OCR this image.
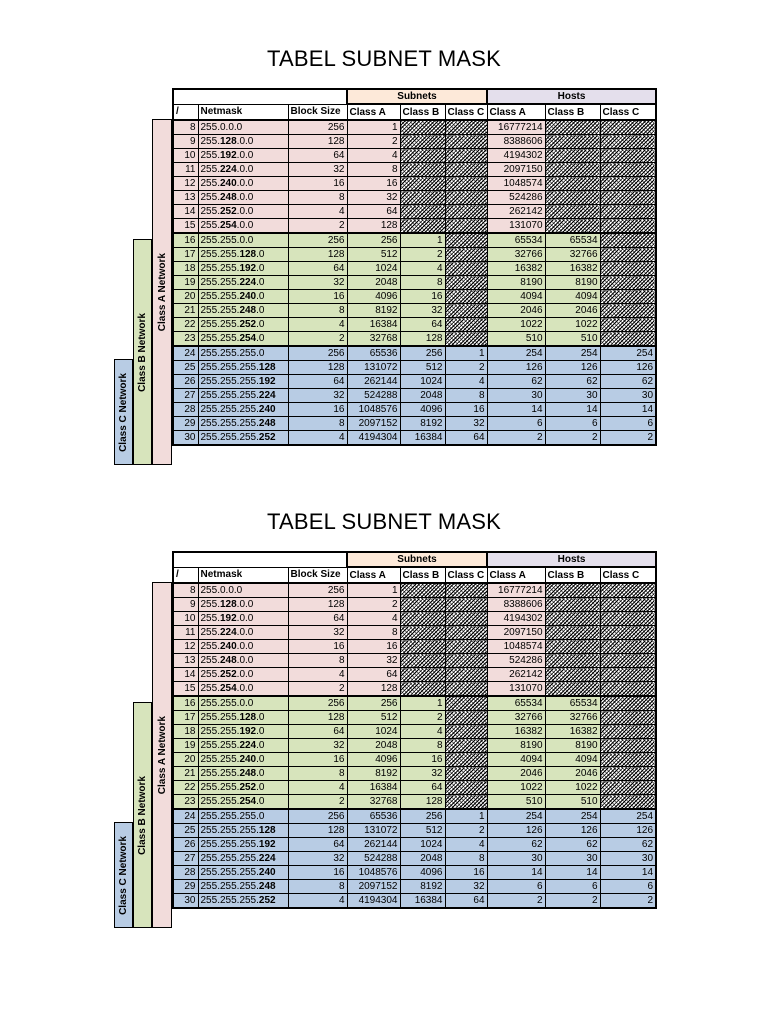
TABEL SUBNET MASK
			Subnets			Hosts		
/	Netmask	Block Size	Class A	Class B	Class C	Class A	Class B	Class C
8	255.0.0.0	256	1			16777214		
9	255.128.0.0	128	2			8388606		
10	255.192.0.0	64	4			4194302		
11	255.224.0.0	32	8			2097150		
12	255.240.0.0	16	16			1048574		
13	255.248.0.0	8	32			524286		
14	255.252.0.0	4	64			262142		
15	255.254.0.0	2	128			131070		
16	255.255.0.0	256	256	1		65534	65534	
17	255.255.128.0	128	512	2		32766	32766	
18	255.255.192.0	64	1024	4		16382	16382	
19	255.255.224.0	32	2048	8		8190	8190	
20	255.255.240.0	16	4096	16		4094	4094	
21	255.255.248.0	8	8192	32		2046	2046	
22	255.255.252.0	4	16384	64		1022	1022	
23	255.255.254.0	2	32768	128		510	510	
24	255.255.255.0	256	65536	256	1	254	254	254
25	255.255.255.128	128	131072	512	2	126	126	126
26	255.255.255.192	64	262144	1024	4	62	62	62
27	255.255.255.224	32	524288	2048	8	30	30	30
28	255.255.255.240	16	1048576	4096	16	14	14	14
29	255.255.255.248	8	2097152	8192	32	6	6	6
30	255.255.255.252	4	4194304	16384	64	2	2	2
Class A Network
Class B Network
Class C Network
TABEL SUBNET MASK
			Subnets			Hosts		
/	Netmask	Block Size	Class A	Class B	Class C	Class A	Class B	Class C
8	255.0.0.0	256	1			16777214		
9	255.128.0.0	128	2			8388606		
10	255.192.0.0	64	4			4194302		
11	255.224.0.0	32	8			2097150		
12	255.240.0.0	16	16			1048574		
13	255.248.0.0	8	32			524286		
14	255.252.0.0	4	64			262142		
15	255.254.0.0	2	128			131070		
16	255.255.0.0	256	256	1		65534	65534	
17	255.255.128.0	128	512	2		32766	32766	
18	255.255.192.0	64	1024	4		16382	16382	
19	255.255.224.0	32	2048	8		8190	8190	
20	255.255.240.0	16	4096	16		4094	4094	
21	255.255.248.0	8	8192	32		2046	2046	
22	255.255.252.0	4	16384	64		1022	1022	
23	255.255.254.0	2	32768	128		510	510	
24	255.255.255.0	256	65536	256	1	254	254	254
25	255.255.255.128	128	131072	512	2	126	126	126
26	255.255.255.192	64	262144	1024	4	62	62	62
27	255.255.255.224	32	524288	2048	8	30	30	30
28	255.255.255.240	16	1048576	4096	16	14	14	14
29	255.255.255.248	8	2097152	8192	32	6	6	6
30	255.255.255.252	4	4194304	16384	64	2	2	2
Class A Network
Class B Network
Class C Network
